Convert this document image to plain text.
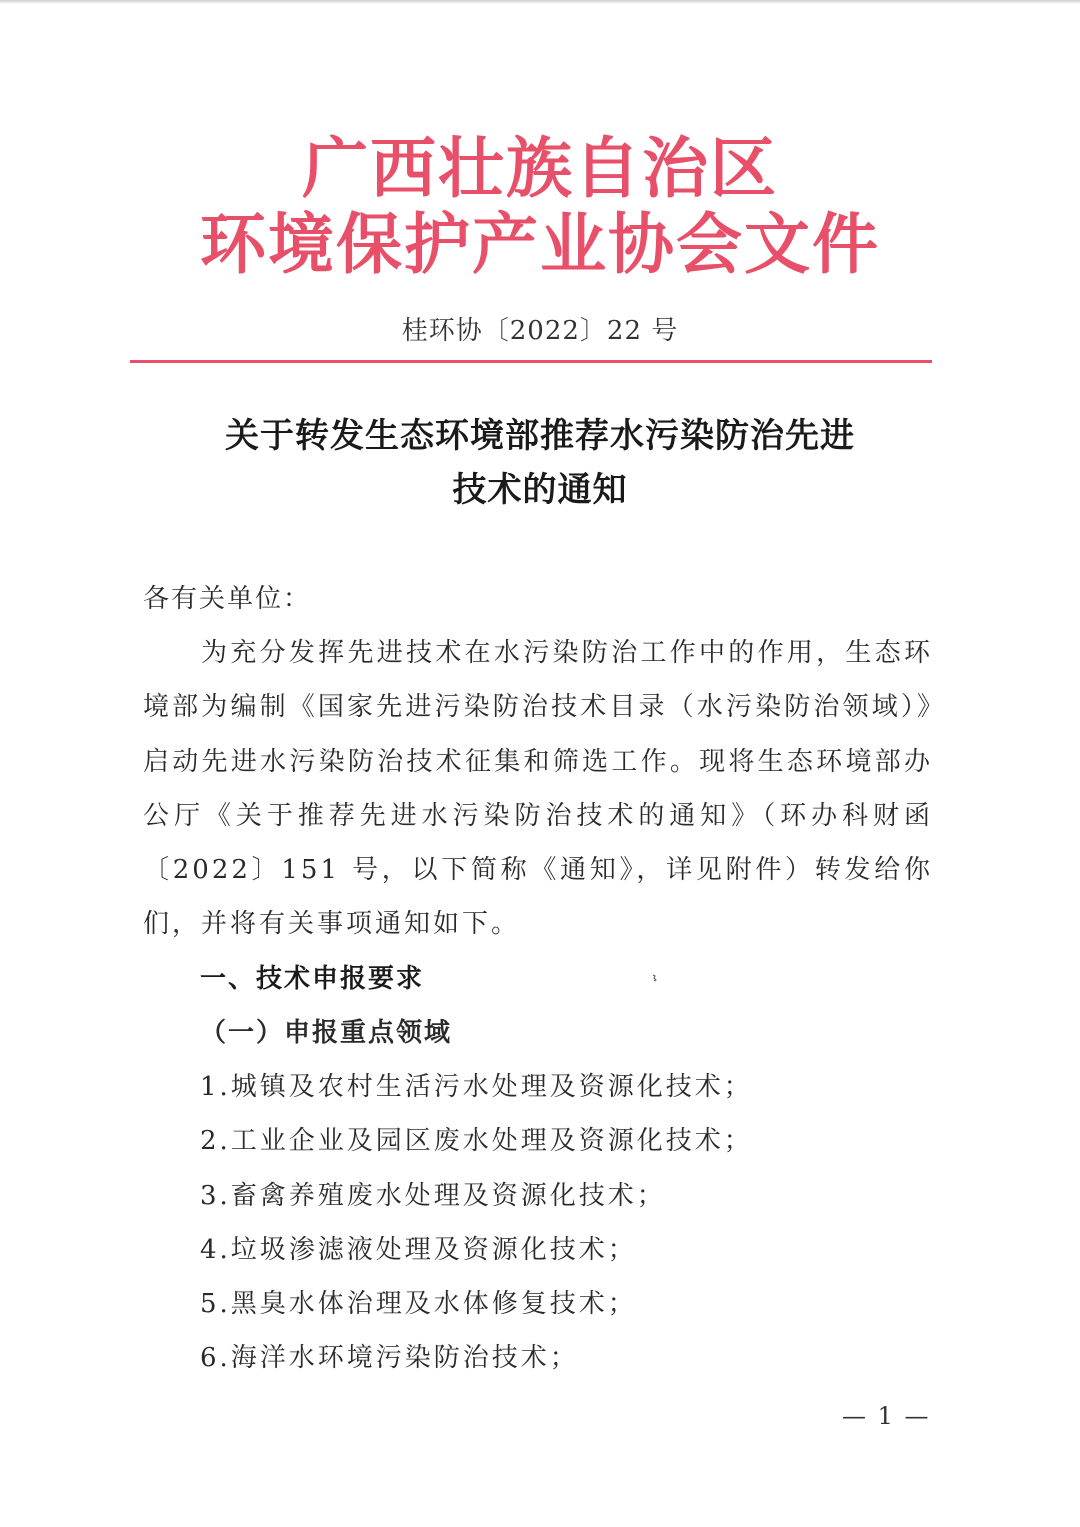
广西壮族自治区
环境保护产业协会文件
桂环协〔2022〕22 号
关于转发生态环境部推荐水污染防治先进
技术的通知
各有关单位：
为充分发挥先进技术在水污染防治工作中的作用，生态环境部为编制《国家先进污染防治技术目录（水污染防治领域）》启动先进水污染防治技术征集和筛选工作。现将生态环境部办公厅《关于推荐先进水污染防治技术的通知》（环办科财函〔2022〕151 号，以下简称《通知》，详见附件）转发给你们，并将有关事项通知如下。
一、技术申报要求
（一）申报重点领域
1.城镇及农村生活污水处理及资源化技术；
2.工业企业及园区废水处理及资源化技术；
3.畜禽养殖废水处理及资源化技术；
4.垃圾渗滤液处理及资源化技术；
5.黑臭水体治理及水体修复技术；
6.海洋水环境污染防治技术；
— 1 —
